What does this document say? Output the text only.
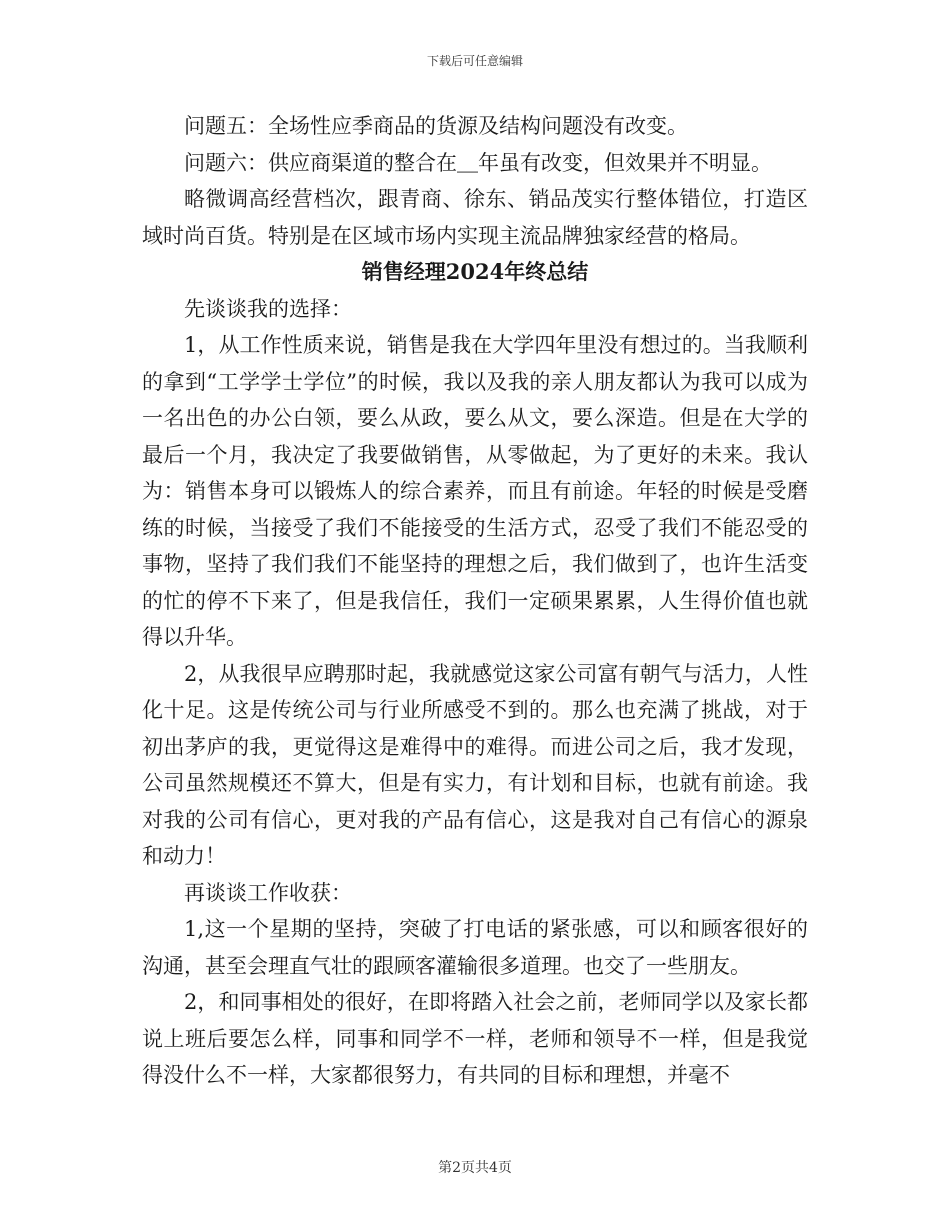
下载后可任意编辑

问题五：全场性应季商品的货源及结构问题没有改变。

问题六：供应商渠道的整合在＿年虽有改变，但效果并不明显。

略微调高经营档次，跟青商、徐东、销品茂实行整体错位，打造区域时尚百货。特别是在区域市场内实现主流品牌独家经营的格局。

销售经理2024年终总结

先谈谈我的选择：

1，从工作性质来说，销售是我在大学四年里没有想过的。当我顺利的拿到“工学学士学位”的时候，我以及我的亲人朋友都认为我可以成为一名出色的办公白领，要么从政，要么从文，要么深造。但是在大学的最后一个月，我决定了我要做销售，从零做起，为了更好的未来。我认为：销售本身可以锻炼人的综合素养，而且有前途。年轻的时候是受磨练的时候，当接受了我们不能接受的生活方式，忍受了我们不能忍受的事物，坚持了我们我们不能坚持的理想之后，我们做到了，也许生活变的忙的停不下来了，但是我信任，我们一定硕果累累，人生得价值也就得以升华。

2，从我很早应聘那时起，我就感觉这家公司富有朝气与活力，人性化十足。这是传统公司与行业所感受不到的。那么也充满了挑战，对于初出茅庐的我，更觉得这是难得中的难得。而进公司之后，我才发现，公司虽然规模还不算大，但是有实力，有计划和目标，也就有前途。我对我的公司有信心，更对我的产品有信心，这是我对自己有信心的源泉和动力！

再谈谈工作收获：

1,这一个星期的坚持，突破了打电话的紧张感，可以和顾客很好的沟通，甚至会理直气壮的跟顾客灌输很多道理。也交了一些朋友。

2，和同事相处的很好，在即将踏入社会之前，老师同学以及家长都说上班后要怎么样，同事和同学不一样，老师和领导不一样，但是我觉得没什么不一样，大家都很努力，有共同的目标和理想，并毫不

第2页共4页
